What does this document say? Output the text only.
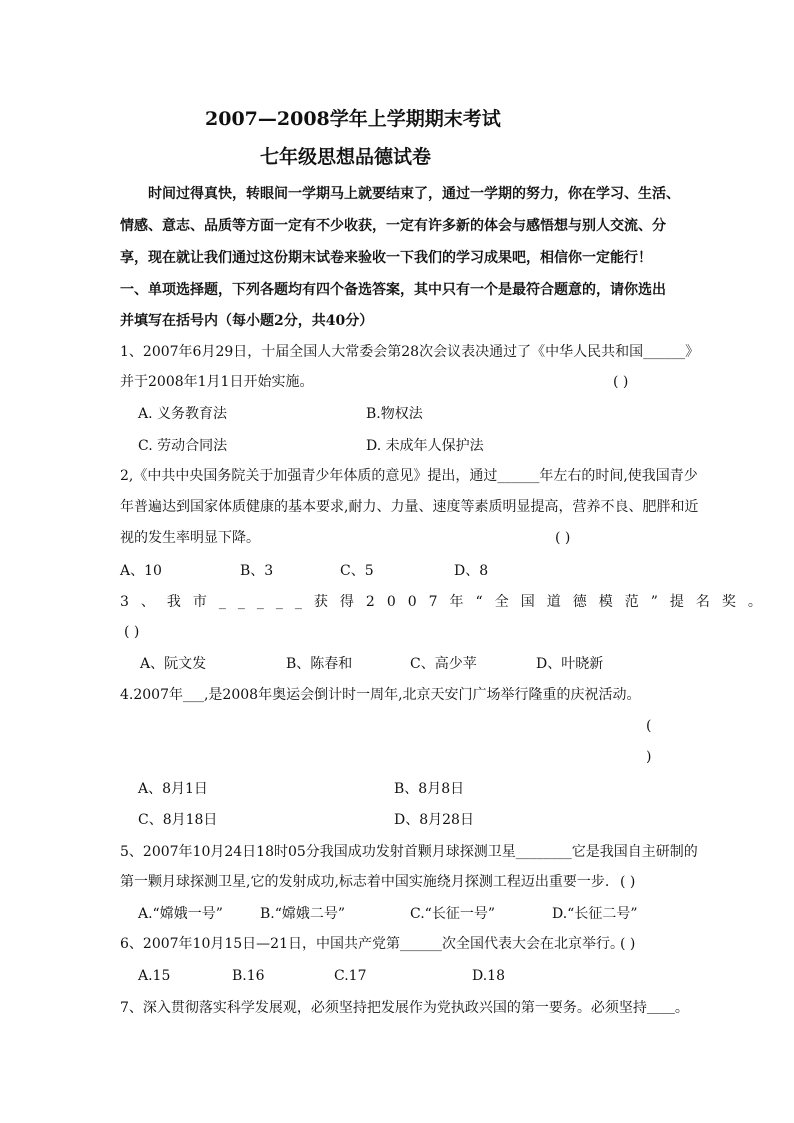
2007—2008学年上学期期末考试
七年级思想品德试卷
时间过得真快，转眼间一学期马上就要结束了，通过一学期的努力，你在学习、生活、
情感、意志、品质等方面一定有不少收获，一定有许多新的体会与感悟想与别人交流、分
享，现在就让我们通过这份期末试卷来验收一下我们的学习成果吧，相信你一定能行！
一、单项选择题，下列各题均有四个备选答案，其中只有一个是最符合题意的，请你选出
并填写在括号内（每小题2分，共40分）
1、2007年6月29日，十届全国人大常委会第28次会议表决通过了《中华人民共和国______》
并于2008年1月1日开始实施。	( )
A. 义务教育法	B.物权法
C. 劳动合同法	D. 未成年人保护法
2,《中共中央国务院关于加强青少年体质的意见》提出，通过______年左右的时间,使我国青少
年普遍达到国家体质健康的基本要求,耐力、力量、速度等素质明显提高，营养不良、肥胖和近
视的发生率明显下降。	( )
A、10	B、3	C、5	D、8
3、我市_____获得2007年“全国道德模范”提名奖。
( )
A、阮文发	B、陈春和	C、高少苹	D、叶晓新
4.2007年___,是2008年奥运会倒计时一周年,北京天安门广场举行隆重的庆祝活动。
(
)
A、8月1日	B、8月8日
C、8月18日	D、8月28日
5、2007年10月24日18时05分我国成功发射首颗月球探测卫星________它是我国自主研制的
第一颗月球探测卫星,它的发射成功,标志着中国实施绕月探测工程迈出重要一步. ( )
A.“嫦娥一号”	B.“嫦娥二号”	C.“长征一号”	D.“长征二号”
6、2007年10月15日—21日，中国共产党第______次全国代表大会在北京举行。
( )
A.15	B.16	C.17	D.18
7、深入贯彻落实科学发展观，必须坚持把发展作为党执政兴国的第一要务。必须坚持＿＿。
